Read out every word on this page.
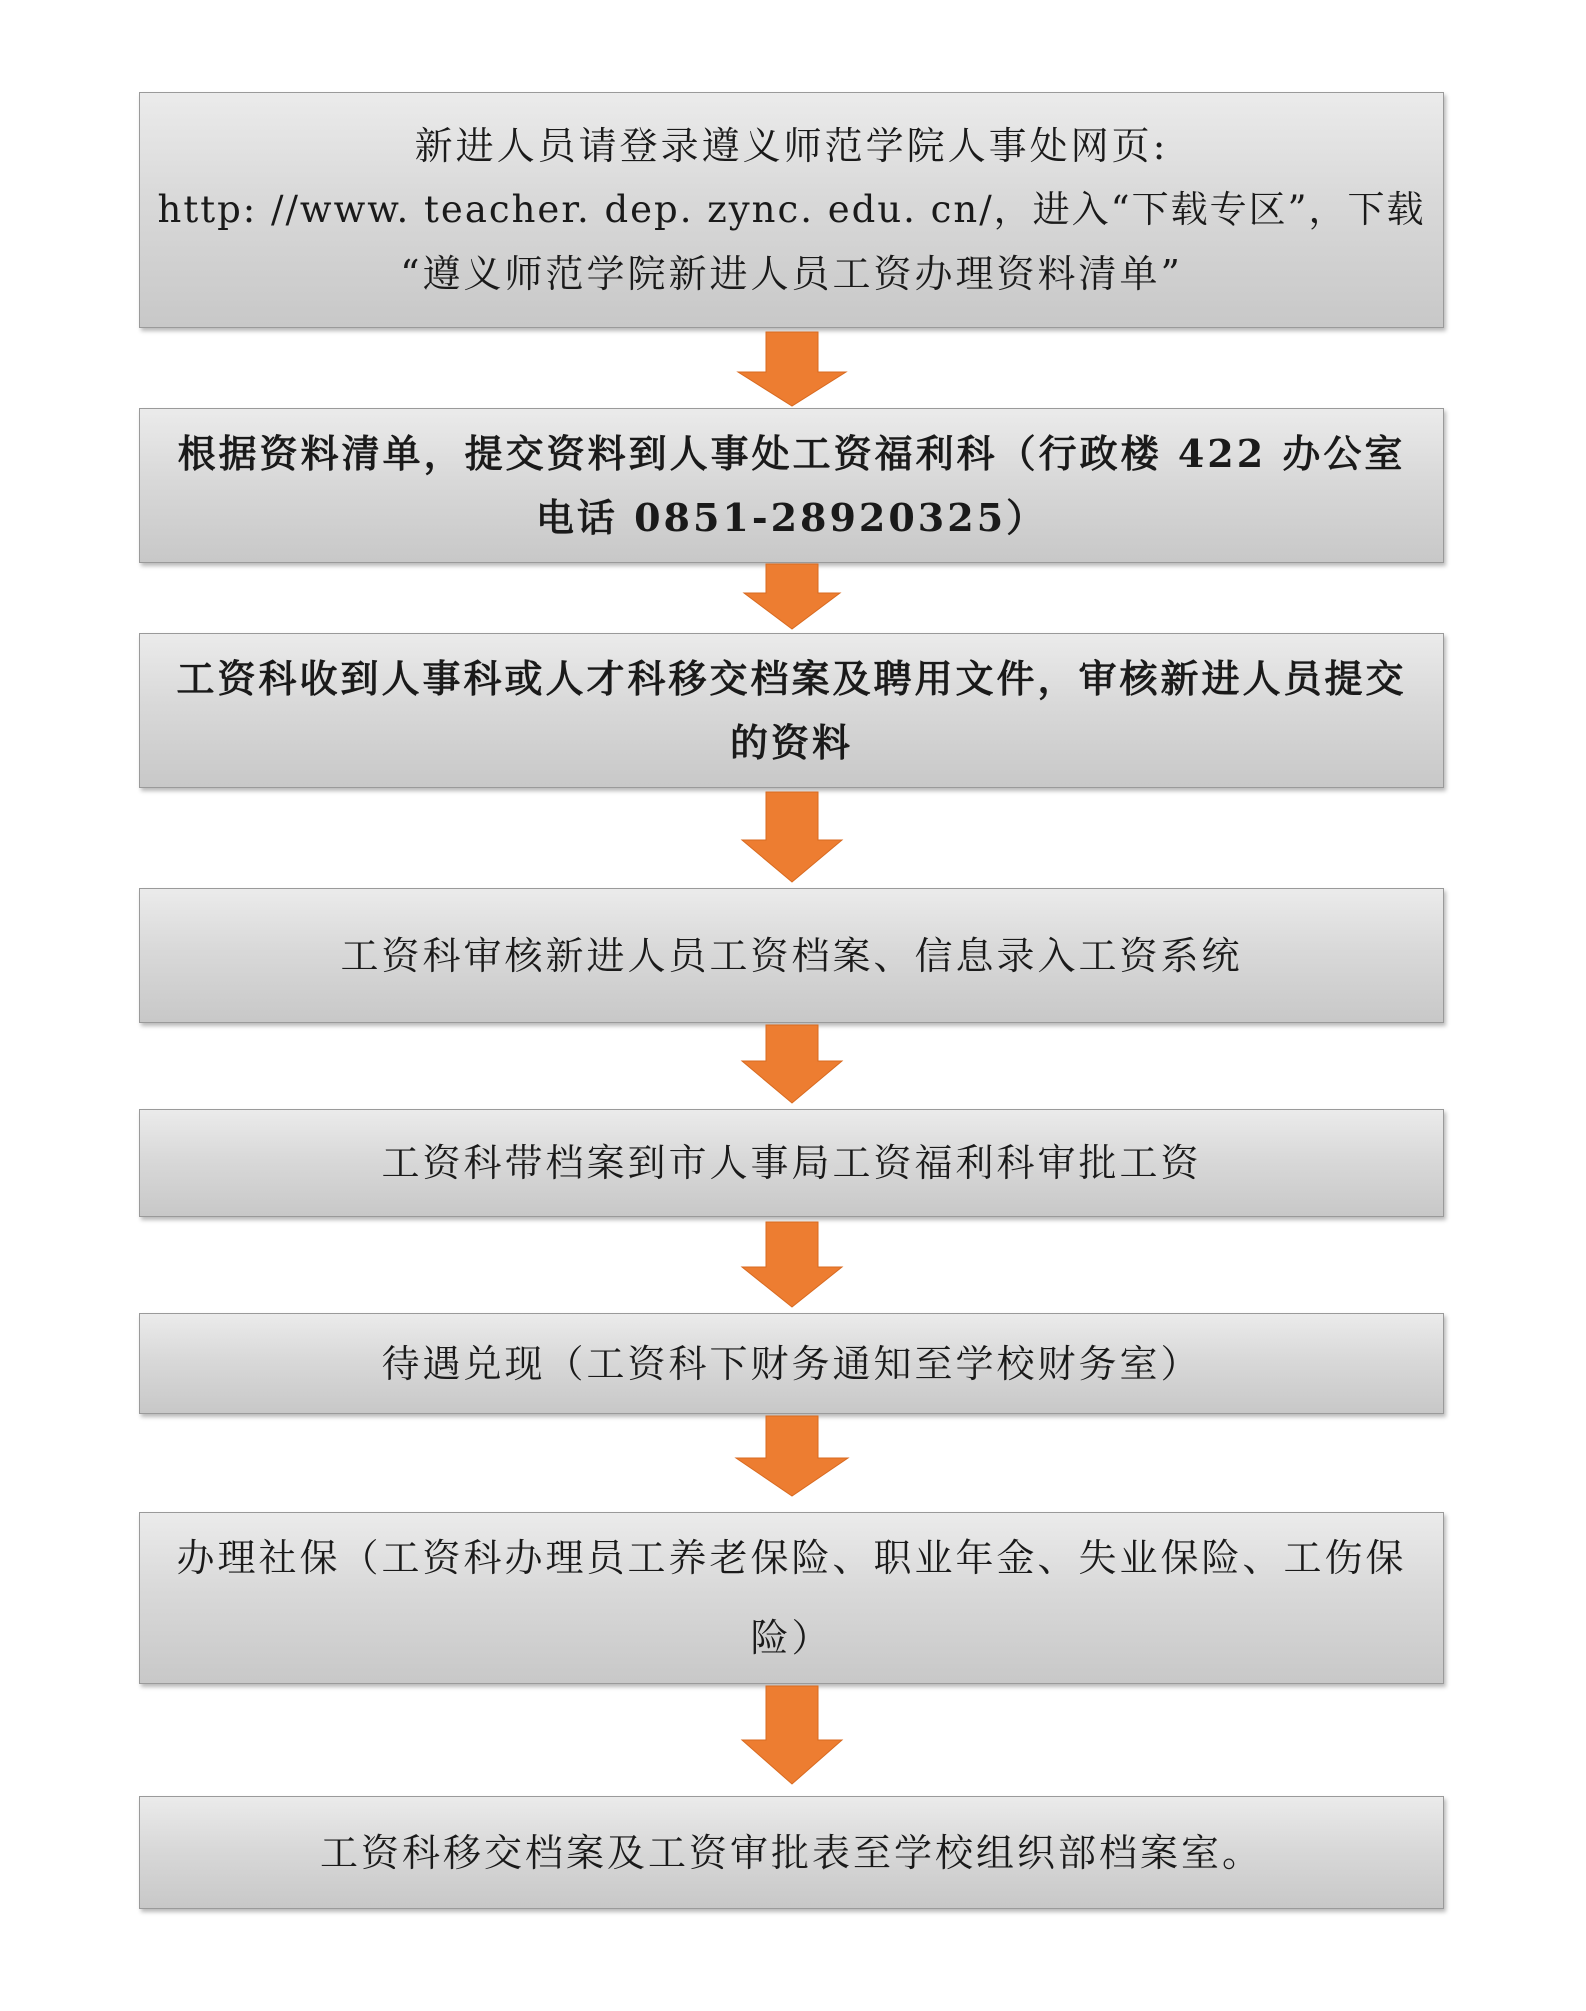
新进人员请登录遵义师范学院人事处网页:
http: //www. teacher. dep. zync. edu. cn/，进入“下载专区”，下载
“遵义师范学院新进人员工资办理资料清单”
根据资料清单，提交资料到人事处工资福利科（行政楼 422 办公室
电话 0851-28920325）
工资科收到人事科或人才科移交档案及聘用文件，审核新进人员提交
的资料
工资科审核新进人员工资档案、信息录入工资系统
工资科带档案到市人事局工资福利科审批工资
待遇兑现（工资科下财务通知至学校财务室）
办理社保（工资科办理员工养老保险、职业年金、失业保险、工伤保
险）
工资科移交档案及工资审批表至学校组织部档案室。
